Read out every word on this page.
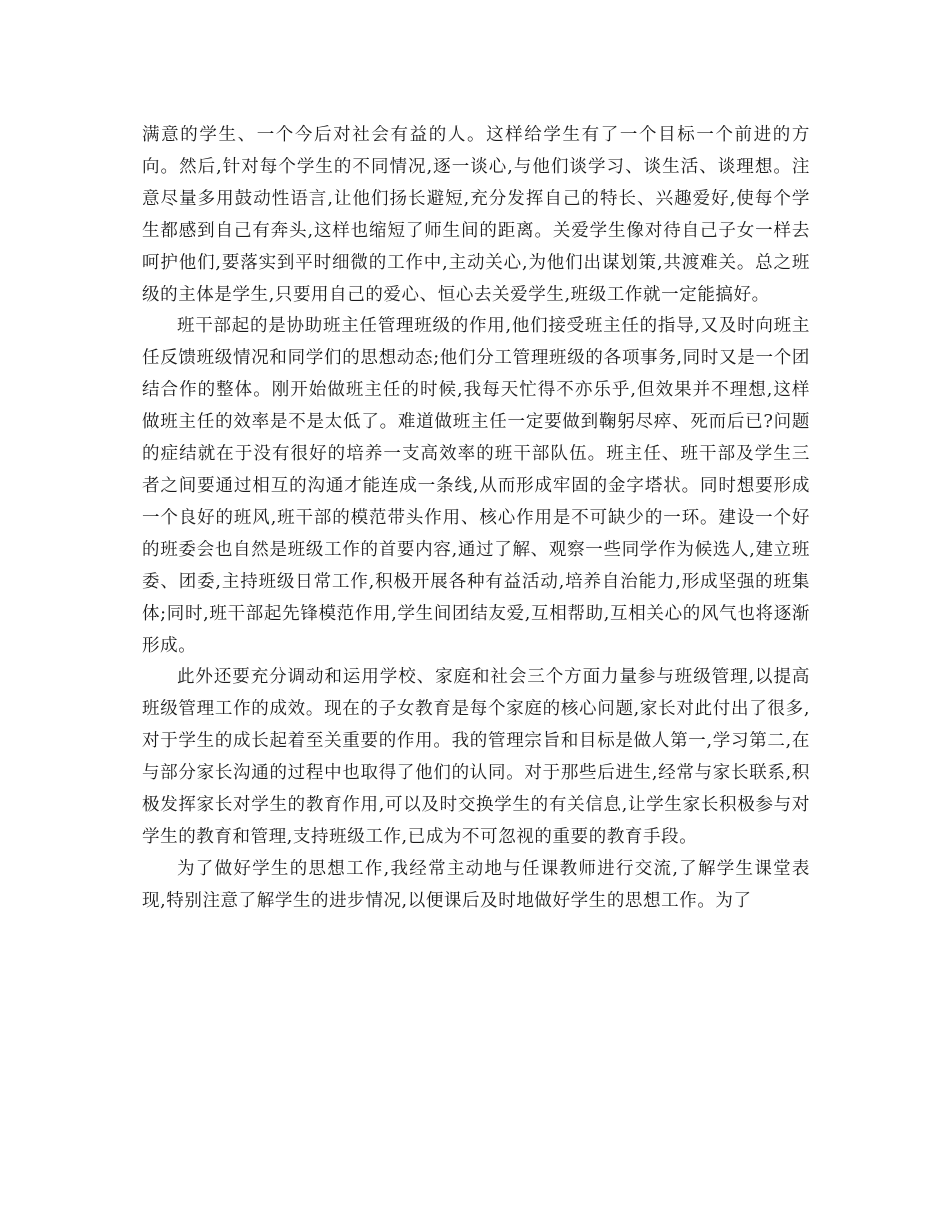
满意的学生、一个今后对社会有益的人。这样给学生有了一个目标一个前进的方向。然后,针对每个学生的不同情况,逐一谈心,与他们谈学习、谈生活、谈理想。注意尽量多用鼓动性语言,让他们扬长避短,充分发挥自己的特长、兴趣爱好,使每个学生都感到自己有奔头,这样也缩短了师生间的距离。关爱学生像对待自己子女一样去呵护他们,要落实到平时细微的工作中,主动关心,为他们出谋划策,共渡难关。总之班级的主体是学生,只要用自己的爱心、恒心去关爱学生,班级工作就一定能搞好。

班干部起的是协助班主任管理班级的作用,他们接受班主任的指导,又及时向班主任反馈班级情况和同学们的思想动态;他们分工管理班级的各项事务,同时又是一个团结合作的整体。刚开始做班主任的时候,我每天忙得不亦乐乎,但效果并不理想,这样做班主任的效率是不是太低了。难道做班主任一定要做到鞠躬尽瘁、死而后已?问题的症结就在于没有很好的培养一支高效率的班干部队伍。班主任、班干部及学生三者之间要通过相互的沟通才能连成一条线,从而形成牢固的金字塔状。同时想要形成一个良好的班风,班干部的模范带头作用、核心作用是不可缺少的一环。建设一个好的班委会也自然是班级工作的首要内容,通过了解、观察一些同学作为候选人,建立班委、团委,主持班级日常工作,积极开展各种有益活动,培养自治能力,形成坚强的班集体;同时,班干部起先锋模范作用,学生间团结友爱,互相帮助,互相关心的风气也将逐渐形成。

此外还要充分调动和运用学校、家庭和社会三个方面力量参与班级管理,以提高班级管理工作的成效。现在的子女教育是每个家庭的核心问题,家长对此付出了很多,对于学生的成长起着至关重要的作用。我的管理宗旨和目标是做人第一,学习第二,在与部分家长沟通的过程中也取得了他们的认同。对于那些后进生,经常与家长联系,积极发挥家长对学生的教育作用,可以及时交换学生的有关信息,让学生家长积极参与对学生的教育和管理,支持班级工作,已成为不可忽视的重要的教育手段。

为了做好学生的思想工作,我经常主动地与任课教师进行交流,了解学生课堂表现,特别注意了解学生的进步情况,以便课后及时地做好学生的思想工作。为了
